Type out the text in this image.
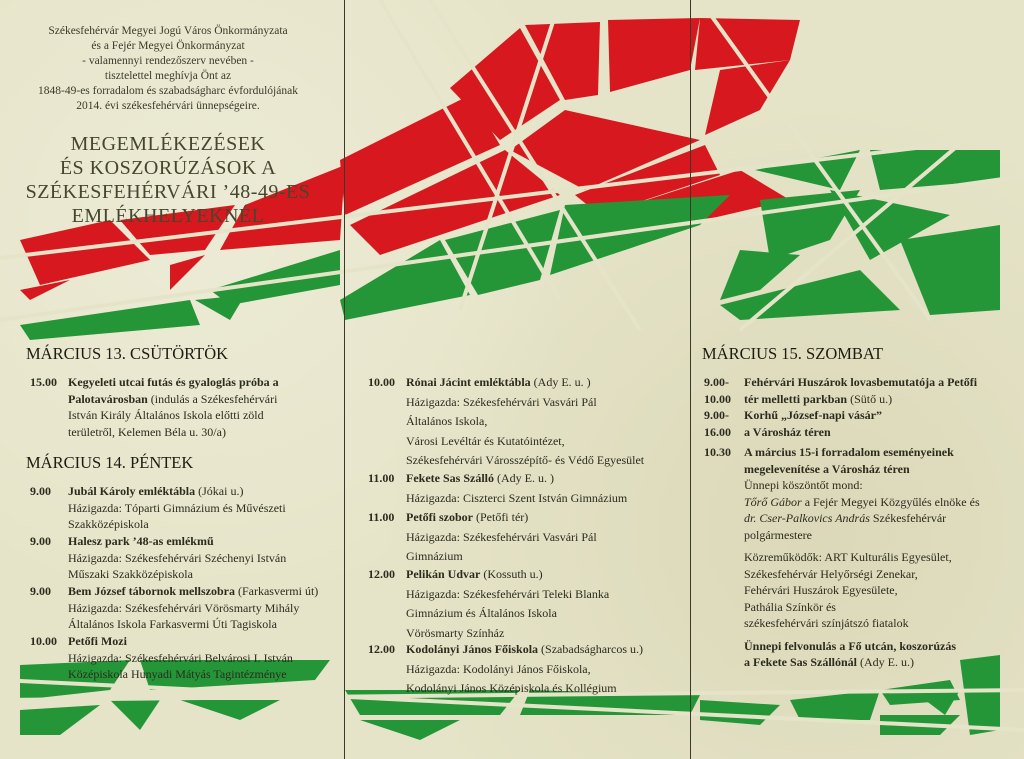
Székesfehérvár Megyei Jogú Város Önkormányzata
és a Fejér Megyei Önkormányzat
- valamennyi rendezőszerv nevében -
tisztelettel meghívja Önt az
1848-49-es forradalom és szabadságharc évfordulójának
2014. évi székesfehérvári ünnepségeire.
MEGEMLÉKEZÉSEK
ÉS KOSZORÚZÁSOK A
SZÉKESFEHÉRVÁRI ’48-49-ES
EMLÉKHELYEKNÉL
MÁRCIUS 13. CSÜTÖRTÖK
15.00 Kegyeleti utcai futás és gyaloglás próba a
Palotavárosban (indulás a Székesfehérvári
István Király Általános Iskola előtti zöld
területről, Kelemen Béla u. 30/a)
MÁRCIUS 14. PÉNTEK
9.00 Jubál Károly emléktábla (Jókai u.)
Házigazda: Tóparti Gimnázium és Művészeti
Szakközépiskola
9.00 Halesz park ’48-as emlékmű
Házigazda: Székesfehérvári Széchenyi István
Műszaki Szakközépiskola
9.00 Bem József tábornok mellszobra (Farkasvermi út)
Házigazda: Székesfehérvári Vörösmarty Mihály
Általános Iskola Farkasvermi Úti Tagiskola
10.00 Petőfi Mozi
Házigazda: Székesfehérvári Belvárosi I. István
Középiskola Hunyadi Mátyás Tagintézménye
10.00 Rónai Jácint emléktábla (Ady E. u. )
Házigazda: Székesfehérvári Vasvári Pál
Általános Iskola,
Városi Levéltár és Kutatóintézet,
Székesfehérvári Városszépítő- és Védő Egyesület
11.00 Fekete Sas Szálló (Ady E. u. )
Házigazda: Ciszterci Szent István Gimnázium
11.00 Petőfi szobor (Petőfi tér)
Házigazda: Székesfehérvári Vasvári Pál
Gimnázium
12.00 Pelikán Udvar (Kossuth u.)
Házigazda: Székesfehérvári Teleki Blanka
Gimnázium és Általános Iskola
Vörösmarty Színház
12.00 Kodolányi János Főiskola (Szabadságharcos u.)
Házigazda: Kodolányi János Főiskola,
Kodolányi János Középiskola és Kollégium
MÁRCIUS 15. SZOMBAT
9.00-
10.00
Fehérvári Huszárok lovasbemutatója a Petőfi
tér melletti parkban (Sütő u.)
9.00-
16.00
Korhű „József-napi vásár”
a Városház téren
10.30 A március 15-i forradalom eseményeinek
megelevenítése a Városház téren
Ünnepi köszöntőt mond:
Tőrő Gábor a Fejér Megyei Közgyűlés elnöke és
dr. Cser-Palkovics András Székesfehérvár
polgármestere
Közreműködők: ART Kulturális Egyesület,
Székesfehérvár Helyőrségi Zenekar,
Fehérvári Huszárok Egyesülete,
Pathália Színkör és
székesfehérvári színjátszó fiatalok
Ünnepi felvonulás a Fő utcán, koszorúzás
a Fekete Sas Szállónál (Ady E. u.)
